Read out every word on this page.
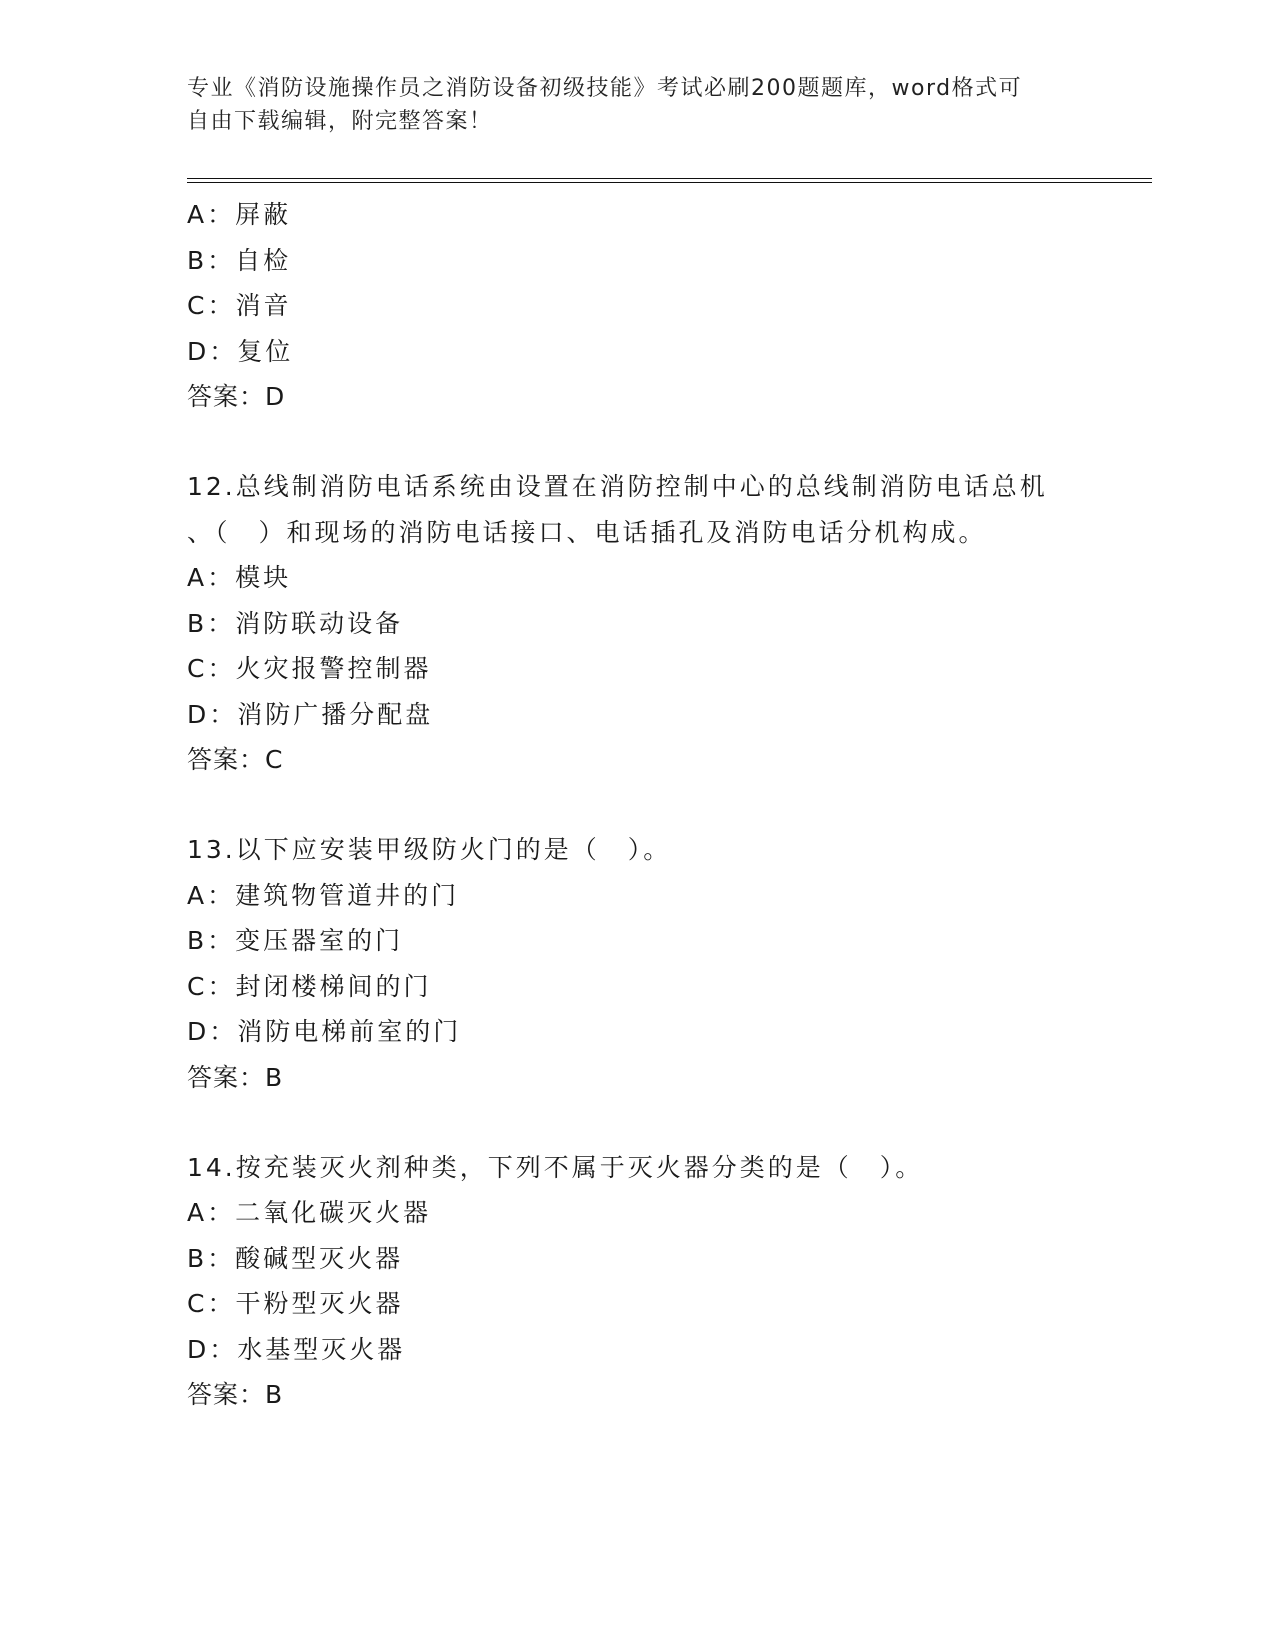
专业《消防设施操作员之消防设备初级技能》考试必刷200题题库，word格式可
自由下载编辑，附完整答案！
A：屏蔽
B：自检
C：消音
D：复位
答案：D
12.总线制消防电话系统由设置在消防控制中心的总线制消防电话总机
、（　）和现场的消防电话接口、电话插孔及消防电话分机构成。
A：模块
B：消防联动设备
C：火灾报警控制器
D：消防广播分配盘
答案：C
13.以下应安装甲级防火门的是（　）。
A：建筑物管道井的门
B：变压器室的门
C：封闭楼梯间的门
D：消防电梯前室的门
答案：B
14.按充装灭火剂种类，下列不属于灭火器分类的是（　）。
A：二氧化碳灭火器
B：酸碱型灭火器
C：干粉型灭火器
D：水基型灭火器
答案：B
